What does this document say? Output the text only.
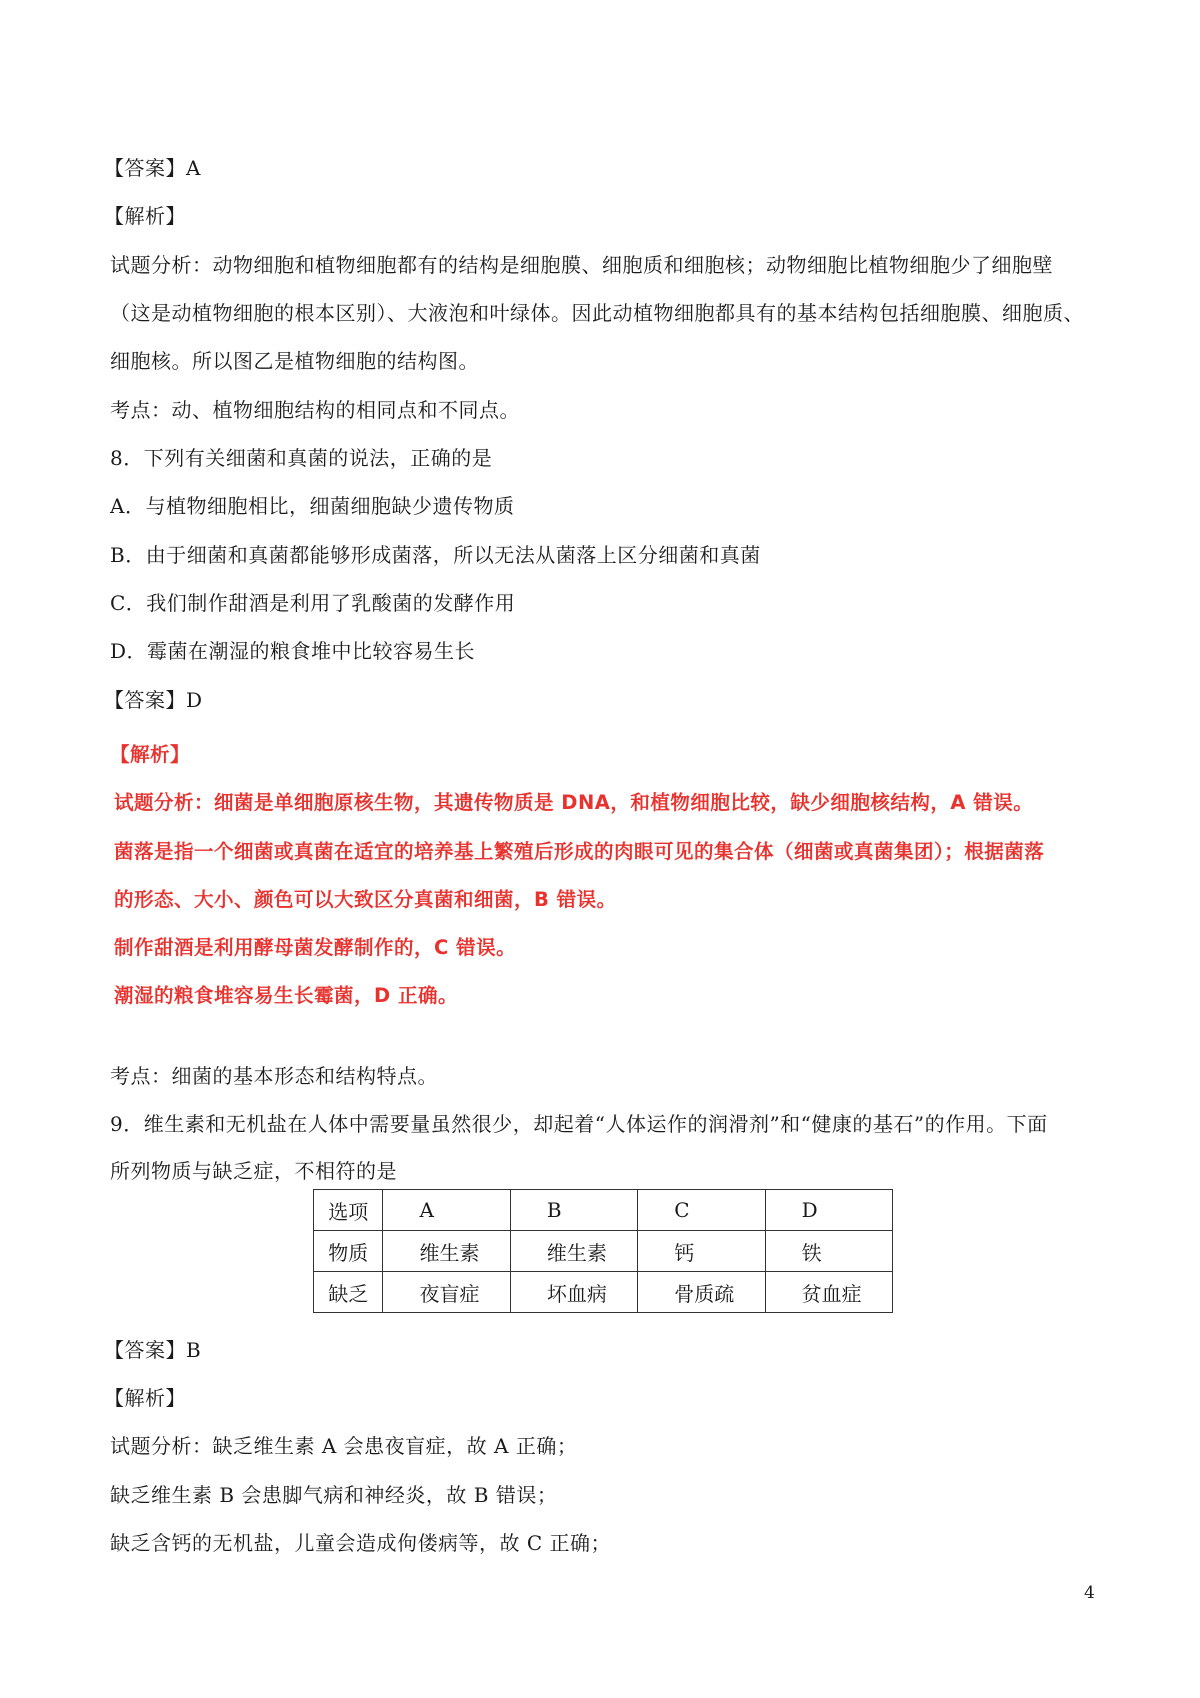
【答案】A
【解析】
试题分析：动物细胞和植物细胞都有的结构是细胞膜、细胞质和细胞核；动物细胞比植物细胞少了细胞壁
（这是动植物细胞的根本区别）、大液泡和叶绿体。因此动植物细胞都具有的基本结构包括细胞膜、细胞质、
细胞核。所以图乙是植物细胞的结构图。
考点：动、植物细胞结构的相同点和不同点。
8．下列有关细菌和真菌的说法，正确的是
A．与植物细胞相比，细菌细胞缺少遗传物质
B．由于细菌和真菌都能够形成菌落，所以无法从菌落上区分细菌和真菌
C．我们制作甜酒是利用了乳酸菌的发酵作用
D．霉菌在潮湿的粮食堆中比较容易生长
【答案】D
【解析】
试题分析：细菌是单细胞原核生物，其遗传物质是 DNA，和植物细胞比较，缺少细胞核结构，A 错误。
菌落是指一个细菌或真菌在适宜的培养基上繁殖后形成的肉眼可见的集合体（细菌或真菌集团）；根据菌落
的形态、大小、颜色可以大致区分真菌和细菌，B 错误。
制作甜酒是利用酵母菌发酵制作的，C 错误。
潮湿的粮食堆容易生长霉菌，D 正确。
考点：细菌的基本形态和结构特点。
9．维生素和无机盐在人体中需要量虽然很少，却起着“人体运作的润滑剂”和“健康的基石”的作用。下面
所列物质与缺乏症，不相符的是
选项	A	B	C	D
物质	维生素	维生素	钙	铁
缺乏	夜盲症	坏血病	骨质疏	贫血症
【答案】B
【解析】
试题分析：缺乏维生素 A 会患夜盲症，故 A 正确；
缺乏维生素 B 会患脚气病和神经炎，故 B 错误；
缺乏含钙的无机盐，儿童会造成佝偻病等，故 C 正确；
4
